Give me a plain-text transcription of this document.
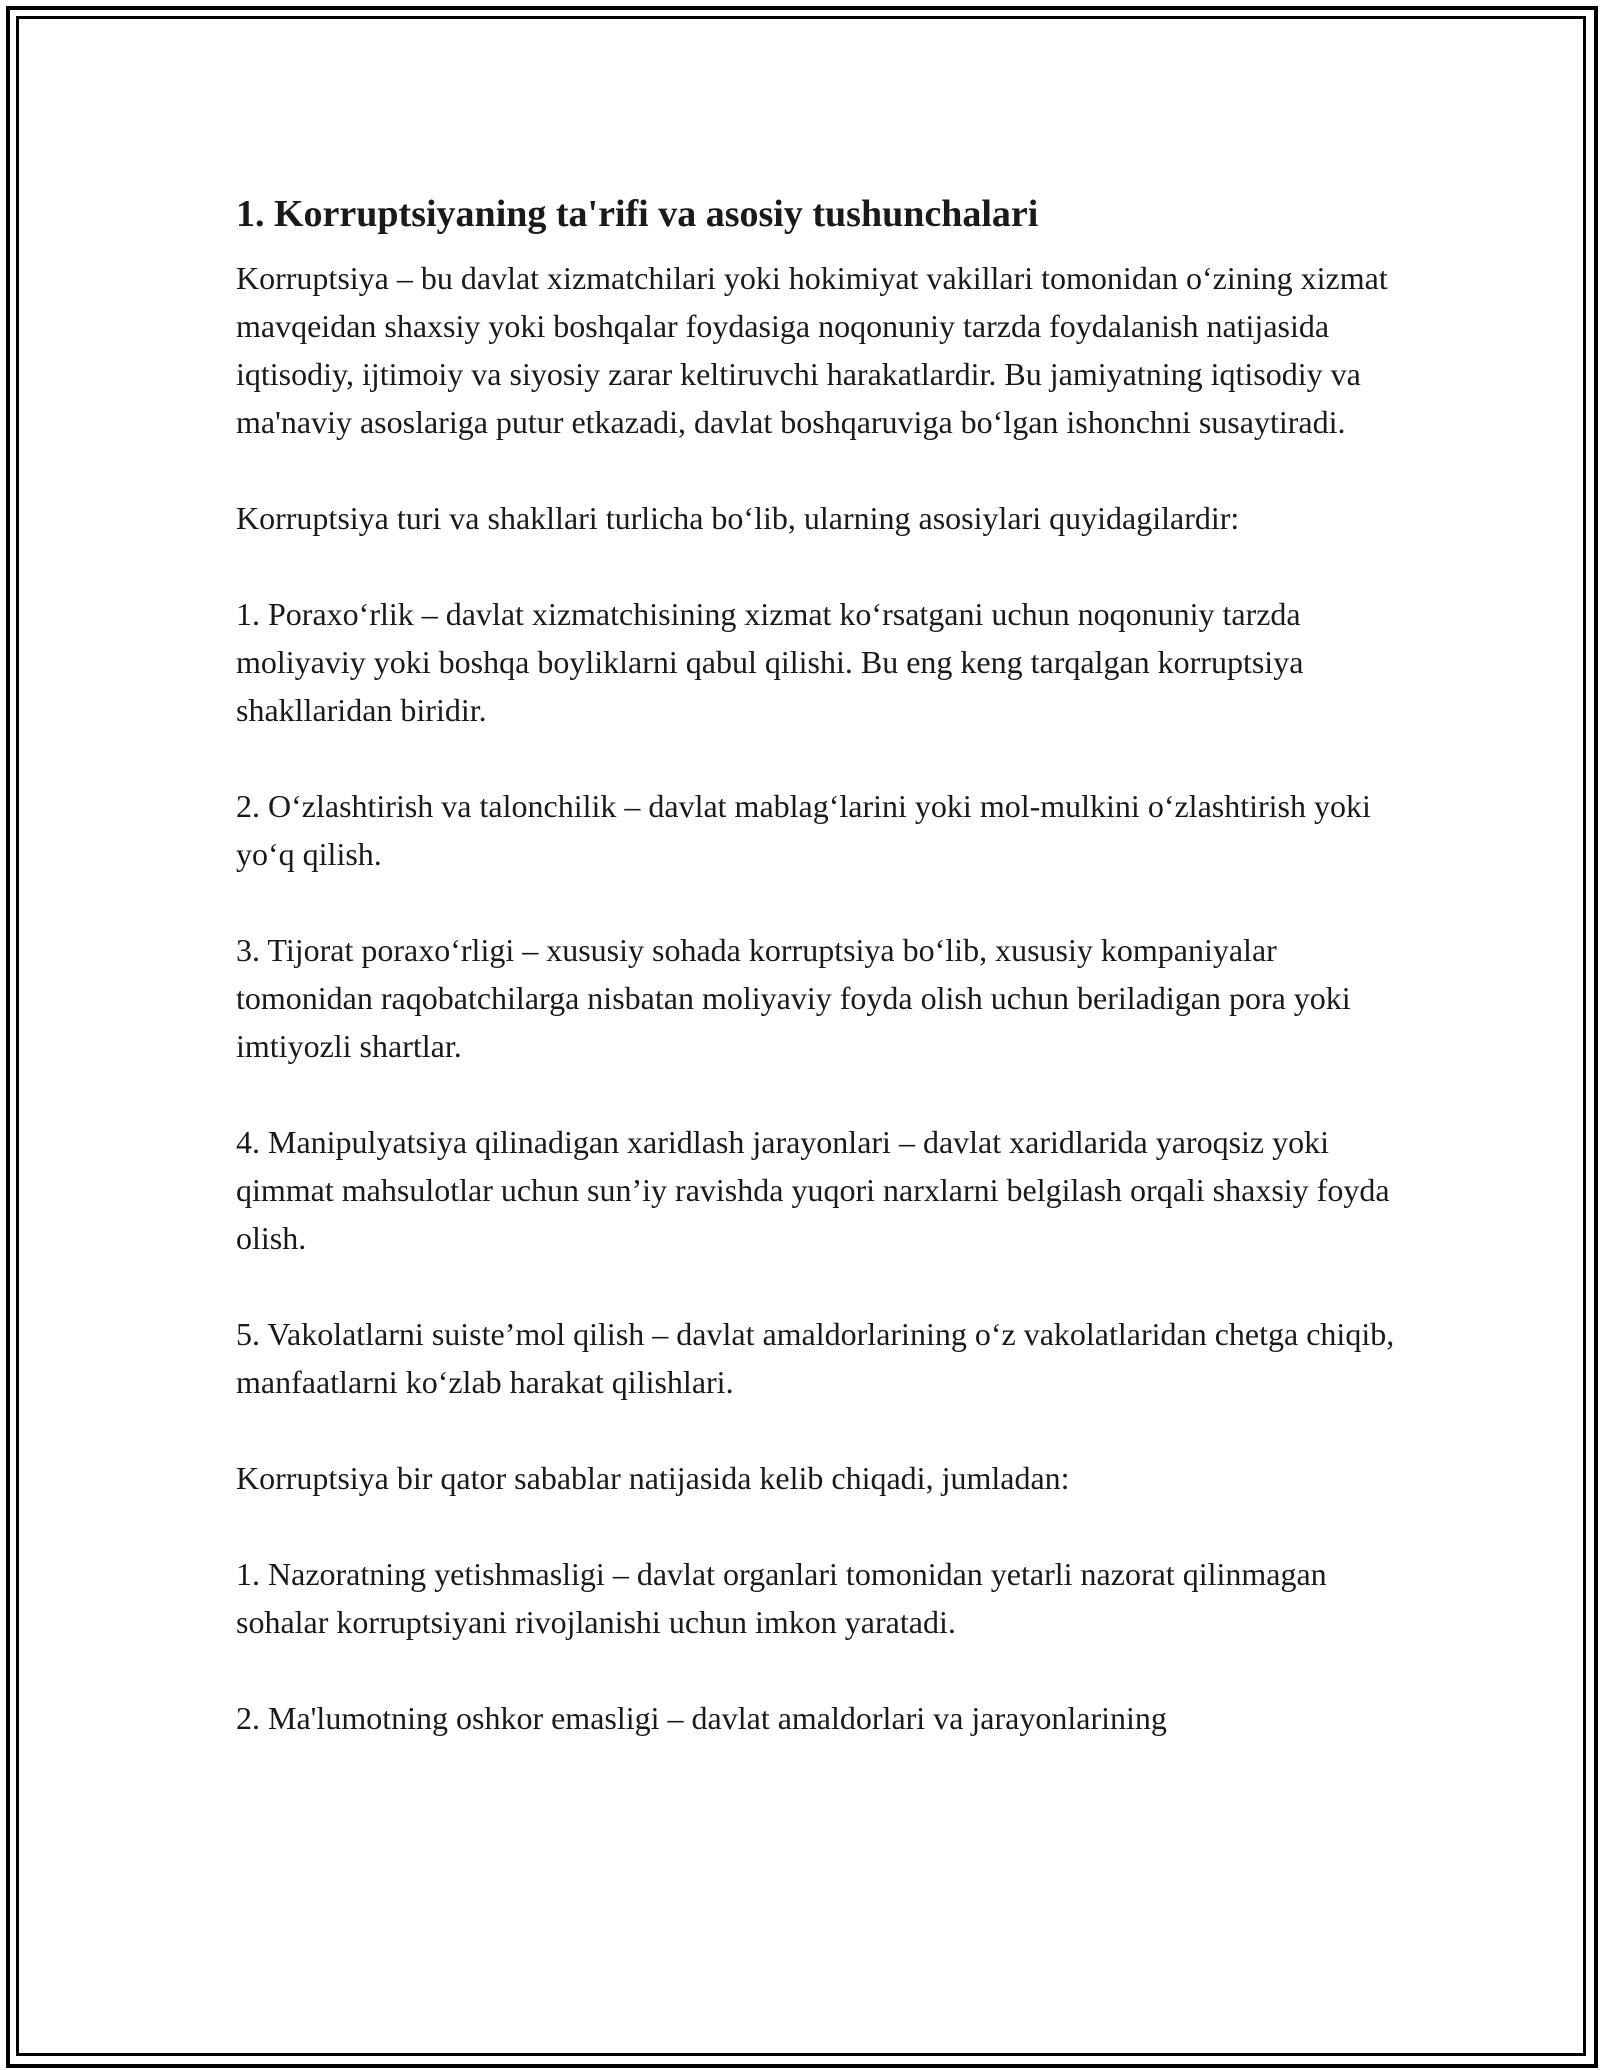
1. Korruptsiyaning ta'rifi va asosiy tushunchalari

Korruptsiya – bu davlat xizmatchilari yoki hokimiyat vakillari tomonidan o‘zining xizmat mavqeidan shaxsiy yoki boshqalar foydasiga noqonuniy tarzda foydalanish natijasida iqtisodiy, ijtimoiy va siyosiy zarar keltiruvchi harakatlardir. Bu jamiyatning iqtisodiy va ma'naviy asoslariga putur etkazadi, davlat boshqaruviga bo‘lgan ishonchni susaytiradi.

Korruptsiya turi va shakllari turlicha bo‘lib, ularning asosiylari quyidagilardir:

1. Poraxo‘rlik – davlat xizmatchisining xizmat ko‘rsatgani uchun noqonuniy tarzda moliyaviy yoki boshqa boyliklarni qabul qilishi. Bu eng keng tarqalgan korruptsiya shakllaridan biridir.

2. O‘zlashtirish va talonchilik – davlat mablag‘larini yoki mol-mulkini o‘zlashtirish yoki yo‘q qilish.

3. Tijorat poraxo‘rligi – xususiy sohada korruptsiya bo‘lib, xususiy kompaniyalar tomonidan raqobatchilarga nisbatan moliyaviy foyda olish uchun beriladigan pora yoki imtiyozli shartlar.

4. Manipulyatsiya qilinadigan xaridlash jarayonlari – davlat xaridlarida yaroqsiz yoki qimmat mahsulotlar uchun sun’iy ravishda yuqori narxlarni belgilash orqali shaxsiy foyda olish.

5. Vakolatlarni suiste’mol qilish – davlat amaldorlarining o‘z vakolatlaridan chetga chiqib, manfaatlarni ko‘zlab harakat qilishlari.

Korruptsiya bir qator sabablar natijasida kelib chiqadi, jumladan:

1. Nazoratning yetishmasligi – davlat organlari tomonidan yetarli nazorat qilinmagan sohalar korruptsiyani rivojlanishi uchun imkon yaratadi.

2. Ma'lumotning oshkor emasligi – davlat amaldorlari va jarayonlarining
